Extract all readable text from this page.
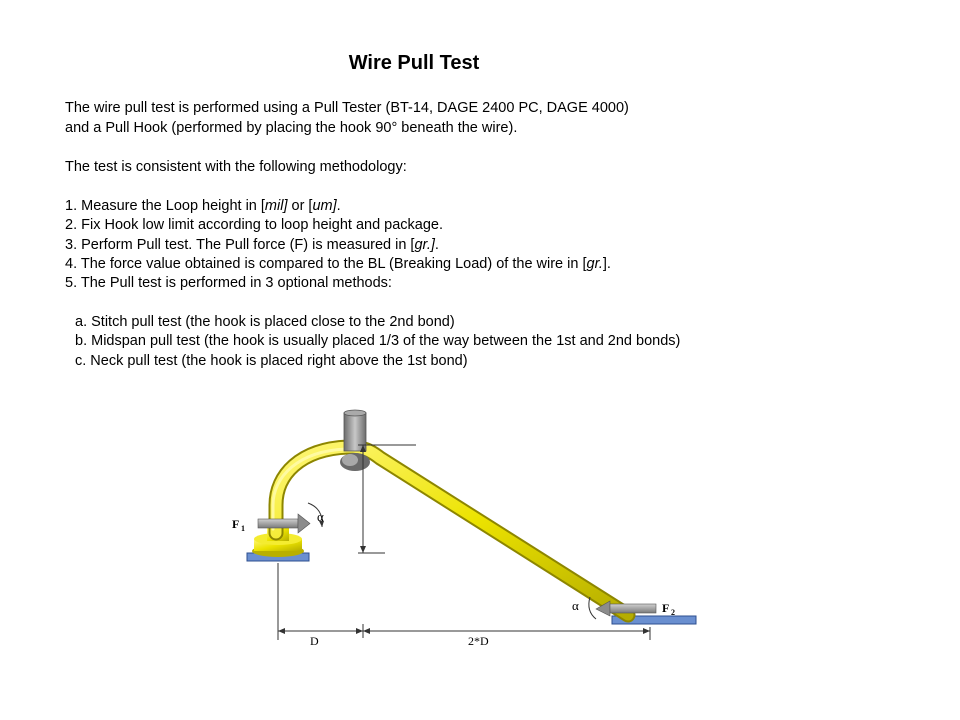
Wire Pull Test
The wire pull test is performed using a Pull Tester (BT-14, DAGE 2400 PC, DAGE 4000)
and a Pull Hook (performed by placing the hook 90° beneath the wire).
The test is consistent with the following methodology:
1. Measure the Loop height in [mil] or [um].
2. Fix Hook low limit according to loop height and package.
3. Perform Pull test. The Pull force (F) is measured in [gr.].
4. The force value obtained is compared to the BL (Breaking Load) of the wire in [gr.].
5. The Pull test is performed in 3 optional methods:
a. Stitch pull test (the hook is placed close to the 2nd bond)
b. Midspan pull test (the hook is usually placed 1/3 of the way between the 1st and 2nd bonds)
c. Neck pull test (the hook is placed right above the 1st bond)
F 1
α
F 2
α
D	2*D
